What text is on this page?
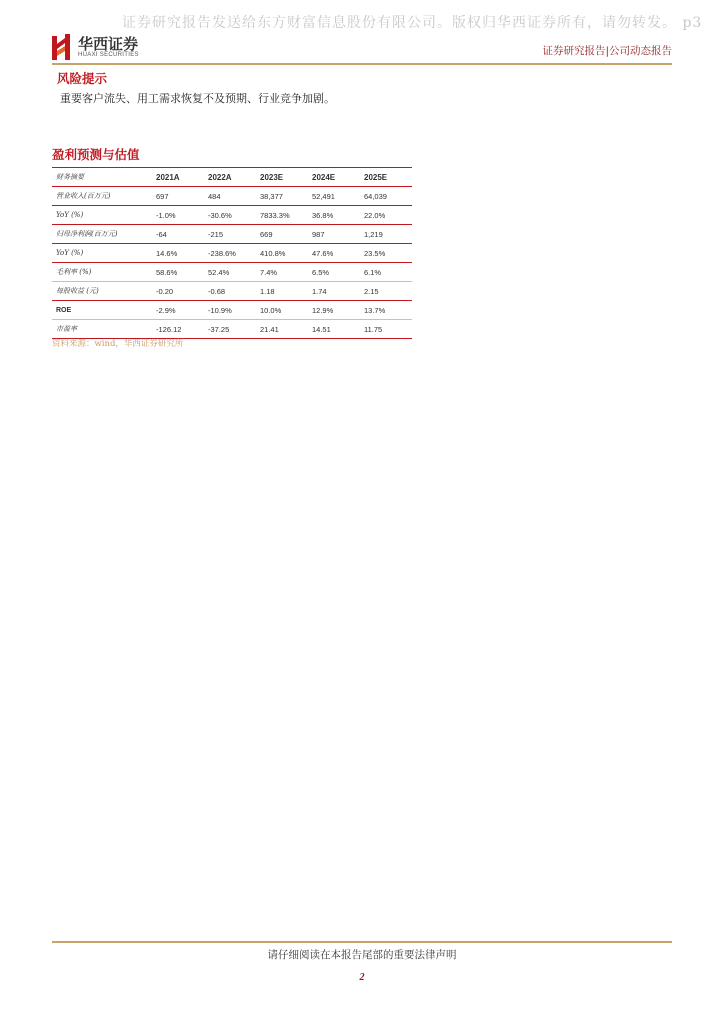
证券研究报告发送给东方财富信息股份有限公司。版权归华西证券所有，请勿转发。 p3
华西证券
HUAXI SECURITIES	证券研究报告|公司动态报告
风险提示
重要客户流失、用工需求恢复不及预期、行业竞争加剧。
盈利预测与估值
财务摘要	2021A	2022A	2023E	2024E	2025E
营业收入(百万元)	697	484	38,377	52,491	64,039
YoY (%)	-1.0%	-30.6%	7833.3%	36.8%	22.0%
归母净利润(百万元)	-64	-215	669	987	1,219
YoY (%)	14.6%	-238.6%	410.8%	47.6%	23.5%
毛利率 (%)	58.6%	52.4%	7.4%	6.5%	6.1%
每股收益 (元)	-0.20	-0.68	1.18	1.74	2.15
ROE	-2.9%	-10.9%	10.0%	12.9%	13.7%
市盈率	-126.12	-37.25	21.41	14.51	11.75
资料来源：wind，华西证券研究所
请仔细阅读在本报告尾部的重要法律声明
2
